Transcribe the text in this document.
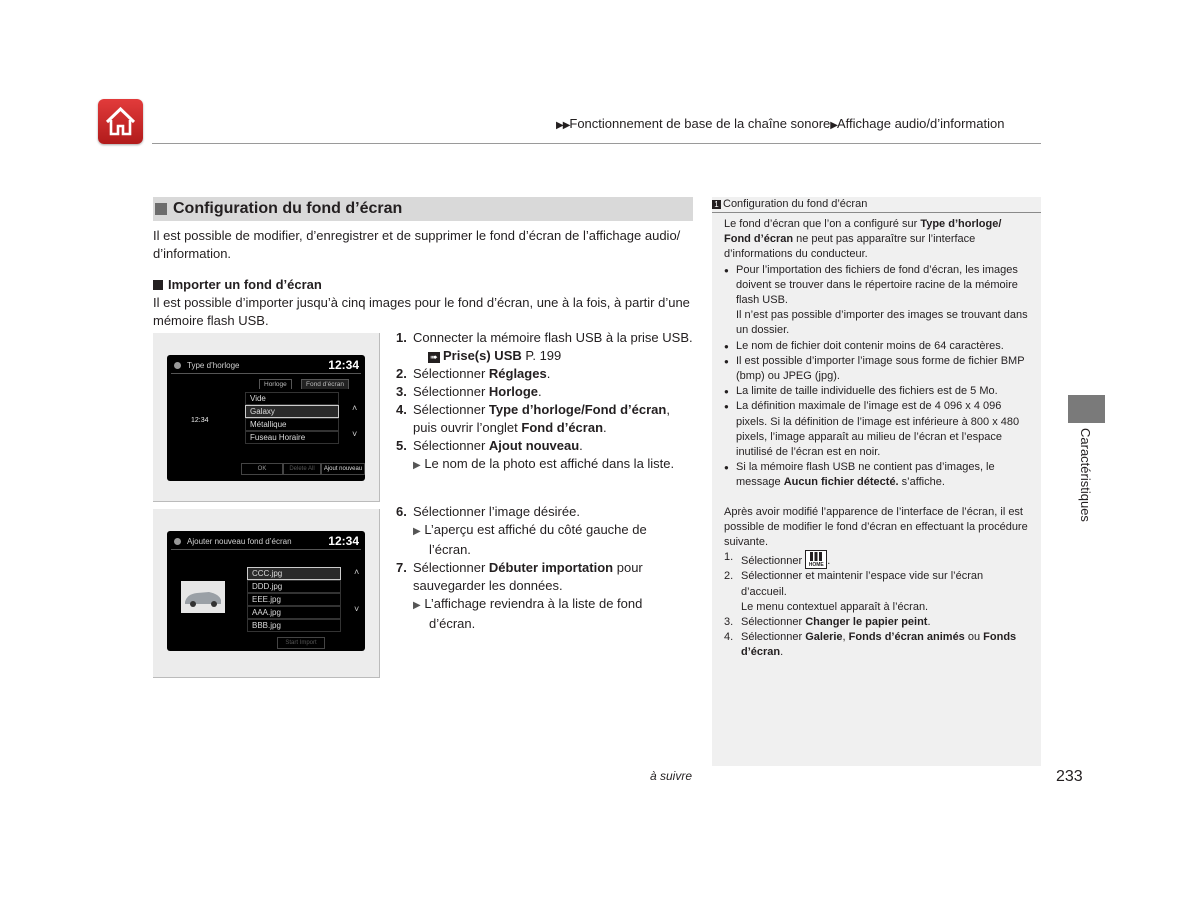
▶▶Fonctionnement de base de la chaîne sonore▶Affichage audio/d’information
Configuration du fond d’écran
Il est possible de modifier, d’enregistrer et de supprimer le fond d’écran de l’affichage audio/ d’information.
Importer un fond d’écran
Il est possible d’importer jusqu’à cinq images pour le fond d’écran, une à la fois, à partir d’une mémoire flash USB.
Type d’horloge	12:34
Horloge	Fond d’écran
Vide
Galaxy
Métallique
Fuseau Horaire
˄
˅
12:34
OK	Delete All	Ajout nouveau
Ajouter nouveau fond d’écran	12:34
CCC.jpg
DDD.jpg
EEE.jpg
AAA.jpg
BBB.jpg
˄
˅
Start Import
1. Connecter la mémoire flash USB à la prise USB.
➠ Prise(s) USB P. 199
2. Sélectionner Réglages.
3. Sélectionner Horloge.
4. Sélectionner Type d’horloge/Fond d’écran,
puis ouvrir l’onglet Fond d’écran.
5. Sélectionner Ajout nouveau.
▶ Le nom de la photo est affiché dans la liste.
6. Sélectionner l’image désirée.
▶ L’aperçu est affiché du côté gauche de
l’écran.
7. Sélectionner Débuter importation pour
sauvegarder les données.
▶ L’affichage reviendra à la liste de fond
d’écran.
1 Configuration du fond d’écran
Le fond d’écran que l’on a configuré sur Type d’horloge/ Fond d’écran ne peut pas apparaître sur l’interface d’informations du conducteur.
● Pour l’importation des fichiers de fond d’écran, les images doivent se trouver dans le répertoire racine de la mémoire flash USB.
Il n’est pas possible d’importer des images se trouvant dans un dossier.
● Le nom de fichier doit contenir moins de 64 caractères.
● Il est possible d’importer l’image sous forme de fichier BMP (bmp) ou JPEG (jpg).
● La limite de taille individuelle des fichiers est de 5 Mo.
● La définition maximale de l’image est de 4 096 x 4 096 pixels. Si la définition de l’image est inférieure à 800 x 480 pixels, l’image apparaît au milieu de l’écran et l’espace inutilisé de l’écran est en noir.
● Si la mémoire flash USB ne contient pas d’images, le message Aucun fichier détecté. s’affiche.
Après avoir modifié l’apparence de l’interface de l’écran, il est possible de modifier le fond d’écran en effectuant la procédure suivante.
1. Sélectionner HOME .
2. Sélectionner et maintenir l’espace vide sur l’écran d’accueil.
Le menu contextuel apparaît à l’écran.
3. Sélectionner Changer le papier peint.
4. Sélectionner Galerie, Fonds d’écran animés ou Fonds d’écran.
Caractéristiques
à suivre	233
